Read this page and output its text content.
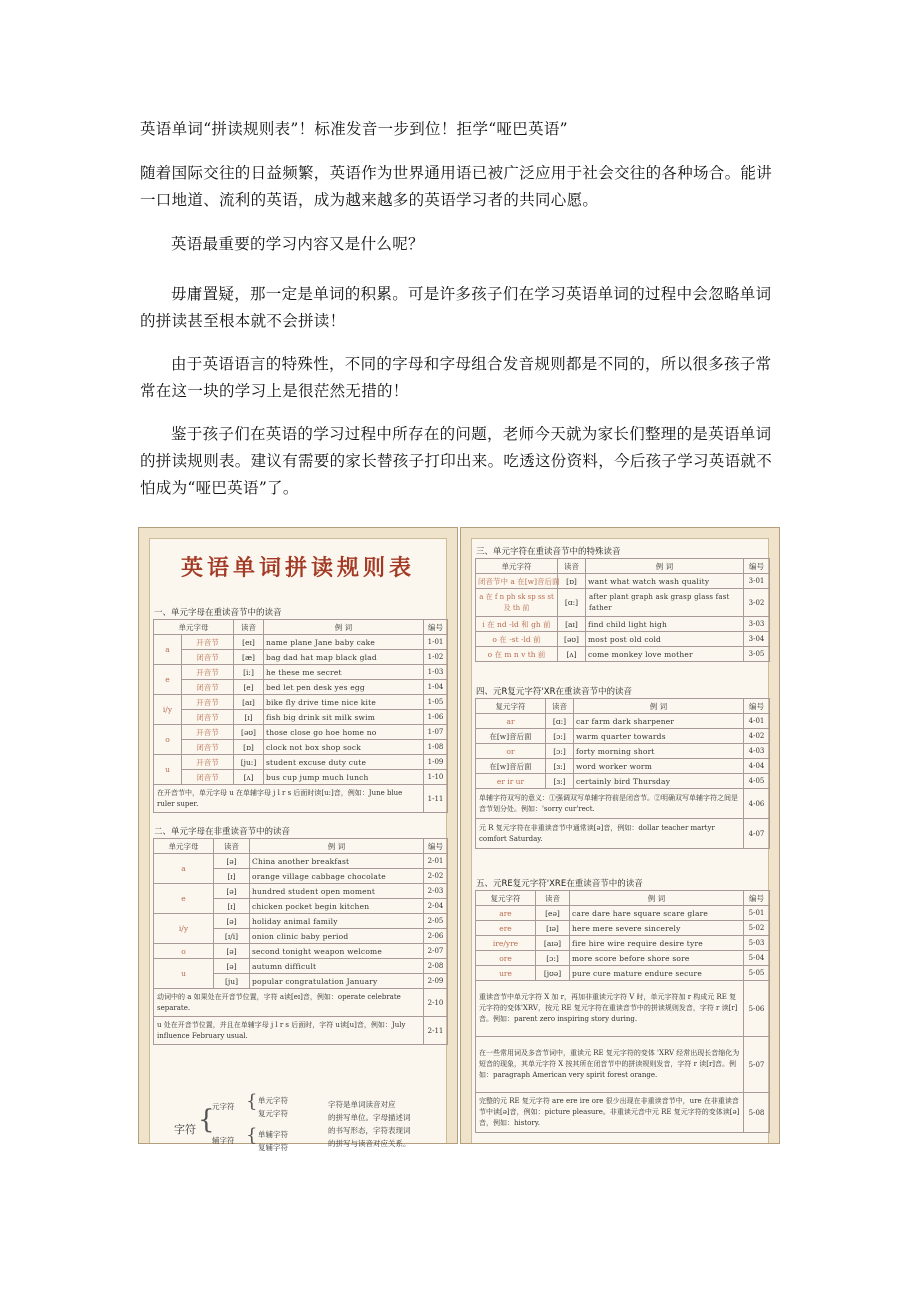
英语单词“拼读规则表”！标准发音一步到位！拒学“哑巴英语”
随着国际交往的日益频繁，英语作为世界通用语已被广泛应用于社会交往的各种场合。能讲一口地道、流利的英语，成为越来越多的英语学习者的共同心愿。
英语最重要的学习内容又是什么呢？
毋庸置疑，那一定是单词的积累。可是许多孩子们在学习英语单词的过程中会忽略单词的拼读甚至根本就不会拼读！
由于英语语言的特殊性，不同的字母和字母组合发音规则都是不同的，所以很多孩子常常在这一块的学习上是很茫然无措的！
鉴于孩子们在英语的学习过程中所存在的问题，老师今天就为家长们整理的是英语单词的拼读规则表。建议有需要的家长替孩子打印出来。吃透这份资料，今后孩子学习英语就不怕成为“哑巴英语”了。
英语单词拼读规则表
一、单元字母在重读音节中的读音
单元字母		读音	例 词	编号
a	开音节	[eɪ]	name plane Jane baby cake	1-01
	闭音节	[æ]	bag dad hat map black glad	1-02
e	开音节	[i:]	he these me secret	1-03
	闭音节	[e]	bed let pen desk yes egg	1-04
i/y	开音节	[aɪ]	bike fly drive time nice kite	1-05
	闭音节	[ɪ]	fish big drink sit milk swim	1-06
o	开音节	[əʊ]	those close go hoe home no	1-07
	闭音节	[ɒ]	clock not box shop sock	1-08
u	开音节	[ju:]	student excuse duty cute	1-09
	闭音节	[ʌ]	bus cup jump much lunch	1-10
在开音节中，单元字母 u 在单辅字母 j l r s 后面时读[u:]音，例如：June blue ruler super.				1-11
二、单元字母在非重读音节中的读音
单元字母	读音	例 词	编号
a	[ə]	China another breakfast	2-01
	[ɪ]	orange village cabbage chocolate	2-02
e	[ə]	hundred student open moment	2-03
	[ɪ]	chicken pocket begin kitchen	2-04
i/y	[ə]	holiday animal family	2-05
	[ɪ/i]	onion clinic baby period	2-06
o	[ə]	second tonight weapon welcome	2-07
u	[ə]	autumn difficult	2-08
	[ju]	popular congratulation January	2-09
动词中的 a 如果处在开音节位置，字符 a读[eɪ]音，例如：operate celebrate separate.			2-10
u 处在开音节位置，并且在单辅字母 j l r s 后面时，字符 u读[u]音，例如：July influence February usual.			2-11
字符 {
元字符
辅字符
{
{
单元字符
复元字符
单辅字符
复辅字符
字符是单词读音对应
的拼写单位。字母描述词
的书写形态，字符表现词
的拼写与读音对应关系。
三、单元字符在重读音节中的特殊读音
单元字符	读音	例 词	编号
闭音节中 a 在[w]音后面	[ɒ]	want what watch wash quality	3-01
a 在 f n ph sk sp ss st 及 th 前	[ɑ:]	after plant graph ask grasp glass fast father	3-02
i 在 nd -ld 和 gh 前	[aɪ]	find child light high	3-03
o 在 -st -ld 前	[əʊ]	most post old cold	3-04
o 在 m n v th 前	[ʌ]	come monkey love mother	3-05
四、元R复元字符'XR在重读音节中的读音
复元字符	读音	例 词	编号
ar	[ɑ:]	car farm dark sharpener	4-01
在[w]音后面	[ɔ:]	warm quarter towards	4-02
or	[ɔ:]	forty morning short	4-03
在[w]音后面	[ɜ:]	word worker worm	4-04
er ir ur	[ɜ:]	certainly bird Thursday	4-05
单辅字符双写的意义：①强调双写单辅字符前是闭音节。②明确双写单辅字符之间是音节划分处。例如：'sorry cur'rect.			4-06
元 R 复元字符在非重读音节中通常读[ə]音，例如：dollar teacher martyr comfort Saturday.			4-07
五、元RE复元字符'XRE在重读音节中的读音
复元字符	读音	例 词	编号
are	[eə]	care dare hare square scare glare	5-01
ere	[ɪə]	here mere severe sincerely	5-02
ire/yre	[aɪə]	fire hire wire require desire tyre	5-03
ore	[ɔ:]	more score before shore sore	5-04
ure	[jʊə]	pure cure mature endure secure	5-05
重读音节中单元字符 X 加 r，再加非重读元字符 V 时，单元字符加 r 构成元 RE 复元字符的变体'XRV，按元 RE 复元字符在重读音节中的拼读规则发音，字符 r 读[r]音。例如：parent zero inspiring story during.			5-06
在一些常用词及多音节词中，重读元 RE 复元字符的变体 'XRV 经常出现长音缩化为短音的现象，其单元字符 X 按其所在闭音节中的拼读规则发音，字符 r 读[r]音。例如：paragraph American very spirit forest orange.			5-07
完整的元 RE 复元字符 are ere ire ore 很少出现在非重读音节中，ure 在非重读音节中读[ə]音，例如：picture pleasure。非重读元音中元 RE 复元字符的变体读[ə]音，例如：history.			5-08
